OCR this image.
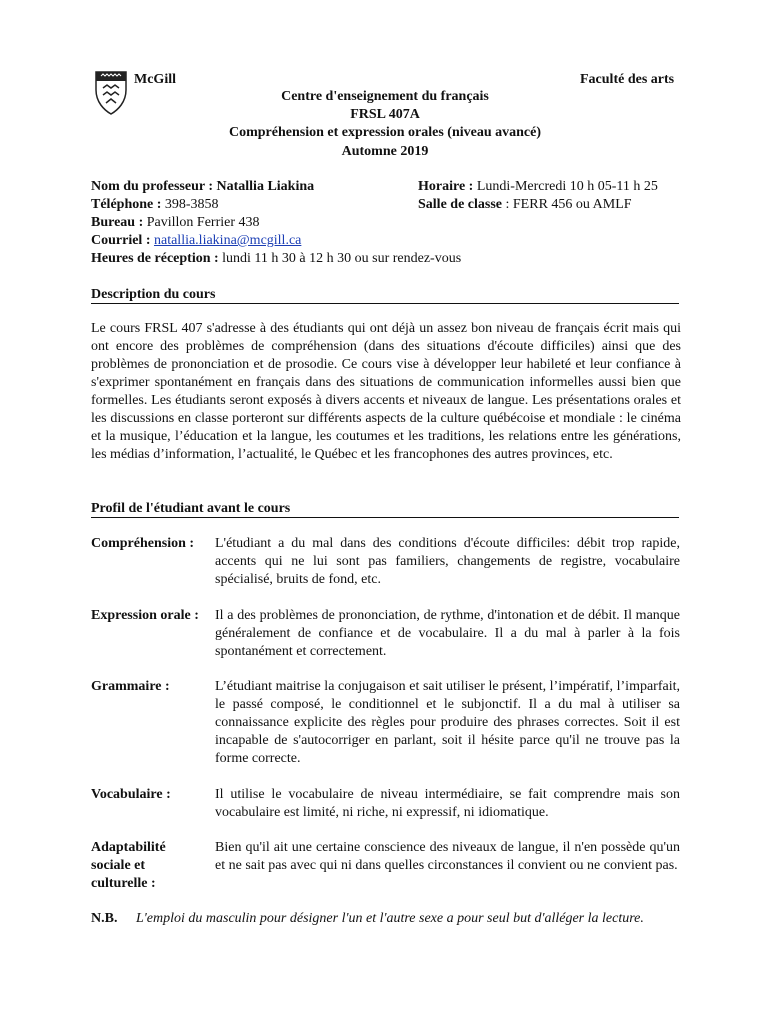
McGill	Faculté des arts
Centre d'enseignement du français
FRSL 407A
Compréhension et expression orales (niveau avancé)
Automne 2019
Nom du professeur : Natallia Liakina	Horaire : Lundi-Mercredi 10 h 05-11 h 25
Téléphone : 398-3858	Salle de classe : FERR 456 ou AMLF
Bureau : Pavillon Ferrier 438
Courriel : natallia.liakina@mcgill.ca
Heures de réception : lundi 11 h 30 à 12 h 30 ou sur rendez-vous
Description du cours
Le cours FRSL 407 s'adresse à des étudiants qui ont déjà un assez bon niveau de français écrit mais qui ont encore des problèmes de compréhension (dans des situations d'écoute difficiles) ainsi que des problèmes de prononciation et de prosodie. Ce cours vise à développer leur habileté et leur confiance à s'exprimer spontanément en français dans des situations de communication informelles aussi bien que formelles. Les étudiants seront exposés à divers accents et niveaux de langue. Les présentations orales et les discussions en classe porteront sur différents aspects de la culture québécoise et mondiale : le cinéma et la musique, l’éducation et la langue, les coutumes et les traditions, les relations entre les générations, les médias d’information, l’actualité, le Québec et les francophones des autres provinces, etc.
Profil de l'étudiant avant le cours
Compréhension : L'étudiant a du mal dans des conditions d'écoute difficiles: débit trop rapide, accents qui ne lui sont pas familiers, changements de registre, vocabulaire spécialisé, bruits de fond, etc.
Expression orale : Il a des problèmes de prononciation, de rythme, d'intonation et de débit. Il manque généralement de confiance et de vocabulaire. Il a du mal à parler à la fois spontanément et correctement.
Grammaire :	L’étudiant maitrise la conjugaison et sait utiliser le présent, l’impératif, l’imparfait, le passé composé, le conditionnel et le subjonctif. Il a du mal à utiliser sa connaissance explicite des règles pour produire des phrases correctes. Soit il est incapable de s'autocorriger en parlant, soit il hésite parce qu'il ne trouve pas la forme correcte.
Vocabulaire :	Il utilise le vocabulaire de niveau intermédiaire, se fait comprendre mais son vocabulaire est limité, ni riche, ni expressif, ni idiomatique.
Adaptabilité sociale et culturelle :
Bien qu'il ait une certaine conscience des niveaux de langue, il n'en possède qu'un et ne sait pas avec qui ni dans quelles circonstances il convient ou ne convient pas.
N.B. L'emploi du masculin pour désigner l'un et l'autre sexe a pour seul but d'alléger la lecture.
